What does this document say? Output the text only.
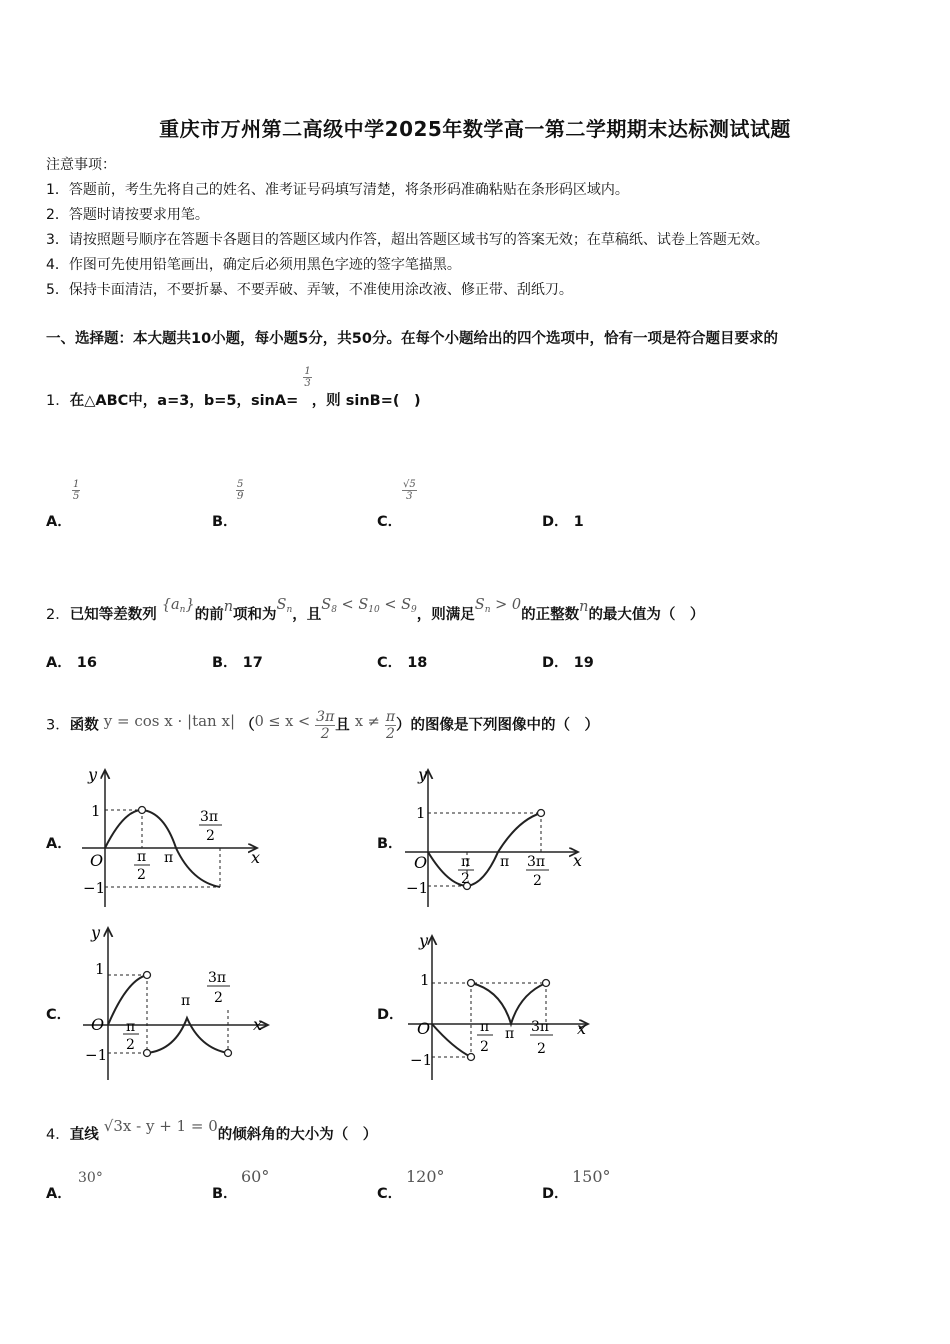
重庆市万州第二高级中学2025年数学高一第二学期期末达标测试试题
注意事项：
1．答题前，考生先将自己的姓名、准考证号码填写清楚，将条形码准确粘贴在条形码区域内。
2．答题时请按要求用笔。
3．请按照题号顺序在答题卡各题目的答题区域内作答，超出答题区域书写的答案无效；在草稿纸、试卷上答题无效。
4．作图可先使用铅笔画出，确定后必须用黑色字迹的签字笔描黑。
5．保持卡面清洁，不要折暴、不要弄破、弄皱，不准使用涂改液、修正带、刮纸刀。
一、选择题：本大题共10小题，每小题5分，共50分。在每个小题给出的四个选项中，恰有一项是符合题目要求的
1．在△ABC中，a=3，b=5，sinA=
$\frac{1}{3}$
，则 sinB=(　)
A．
$\frac{1}{5}$
B．
$\frac{5}{9}$
C．
$\frac{√5}{3}$
D． 1
2．已知等差数列 $\{a_n\}$的前n项和为$S_n$，且$S_8 < S_{10} < S_9$，则满足$S_n > 0$的正整数n的最大值为（　）
A． 16	B． 17	C． 18	D． 19
3．函数 y = cos x · |tan x| （$0 \le x < \frac{3\pi}{2}$ 且 $x \ne \frac{\pi}{2}$ ）的图像是下列图像中的（　）
A．	B．
C．	D．
y
x
O
1
−1
π
2
π
3π
2
y
x
O
1
−1
π
2
π 3π
2
y
x
O
1
−1
π
2
π
3π
2
y
x
O
1
−1
π
2
π 3π
2
4．直线 √3x - y + 1 = 0的倾斜角的大小为（　）
A．
30°
B．
60°
C．
120°
D．
150°
